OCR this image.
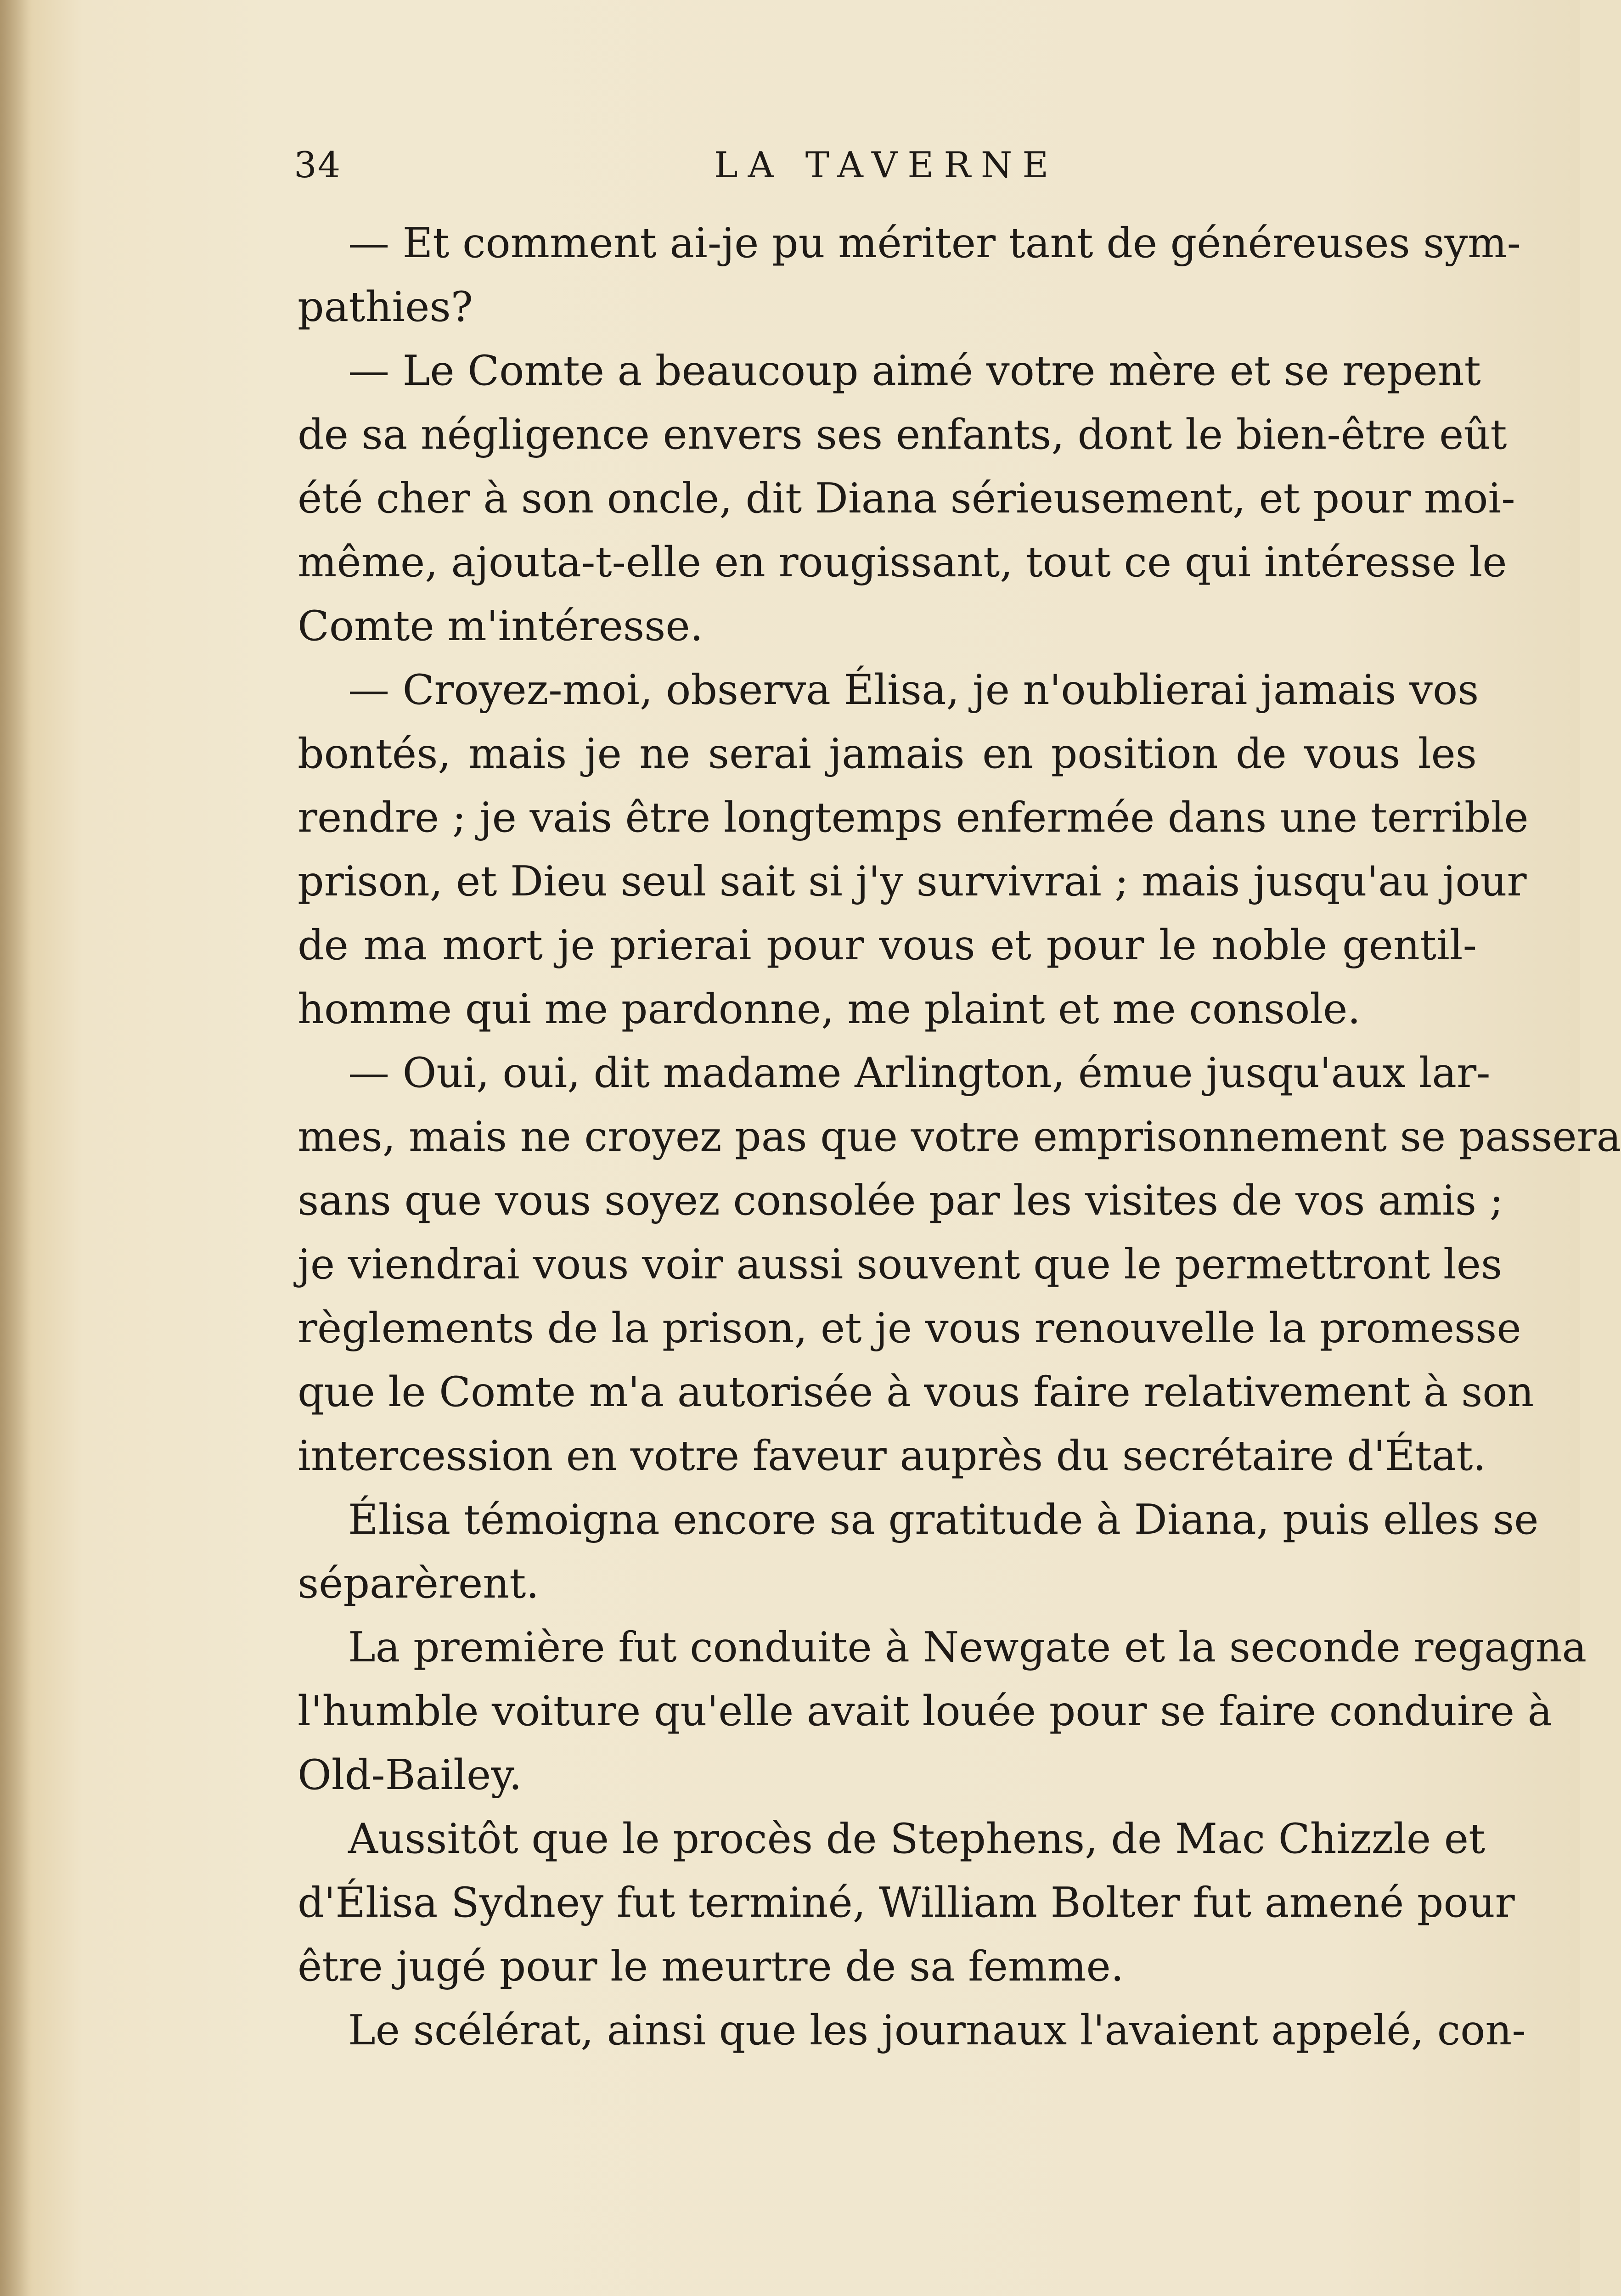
34	LA TAVERNE
— Et comment ai-je pu mériter tant de généreuses sym-
pathies?
— Le Comte a beaucoup aimé votre mère et se repent
de sa négligence envers ses enfants, dont le bien-être eût
été cher à son oncle, dit Diana sérieusement, et pour moi-
même, ajouta-t-elle en rougissant, tout ce qui intéresse le
Comte m'intéresse.
— Croyez-moi, observa Élisa, je n'oublierai jamais vos
bontés, mais je ne serai jamais en position de vous les
rendre ; je vais être longtemps enfermée dans une terrible
prison, et Dieu seul sait si j'y survivrai ; mais jusqu'au jour
de ma mort je prierai pour vous et pour le noble gentil-
homme qui me pardonne, me plaint et me console.
— Oui, oui, dit madame Arlington, émue jusqu'aux lar-
mes, mais ne croyez pas que votre emprisonnement se passera
sans que vous soyez consolée par les visites de vos amis ;
je viendrai vous voir aussi souvent que le permettront les
règlements de la prison, et je vous renouvelle la promesse
que le Comte m'a autorisée à vous faire relativement à son
intercession en votre faveur auprès du secrétaire d'État.
Élisa témoigna encore sa gratitude à Diana, puis elles se
séparèrent.
La première fut conduite à Newgate et la seconde regagna
l'humble voiture qu'elle avait louée pour se faire conduire à
Old-Bailey.
Aussitôt que le procès de Stephens, de Mac Chizzle et
d'Élisa Sydney fut terminé, William Bolter fut amené pour
être jugé pour le meurtre de sa femme.
Le scélérat, ainsi que les journaux l'avaient appelé, con-
